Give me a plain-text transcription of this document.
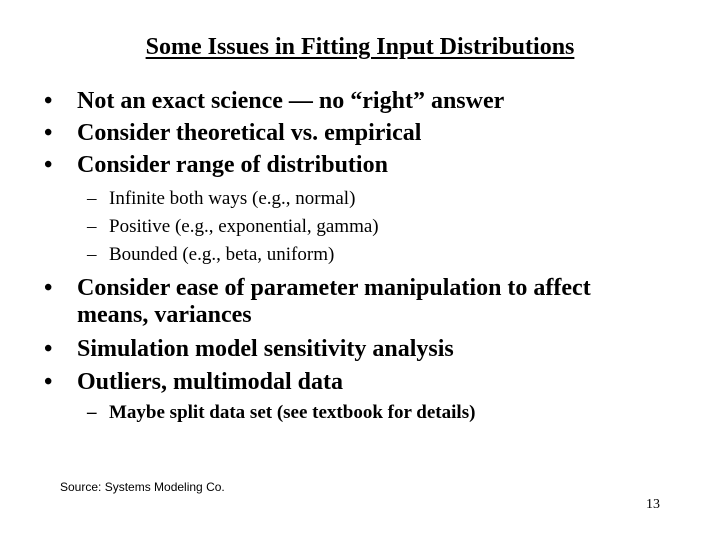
Some Issues in Fitting Input Distributions
•	Not an exact science — no “right” answer
•	Consider theoretical vs. empirical
•	Consider range of distribution
– Infinite both ways (e.g., normal)
– Positive (e.g., exponential, gamma)
– Bounded (e.g., beta, uniform)
•	Consider ease of parameter manipulation to affect means, variances
•	Simulation model sensitivity analysis
•	Outliers, multimodal data
– Maybe split data set (see textbook for details)
Source: Systems Modeling Co.
13
